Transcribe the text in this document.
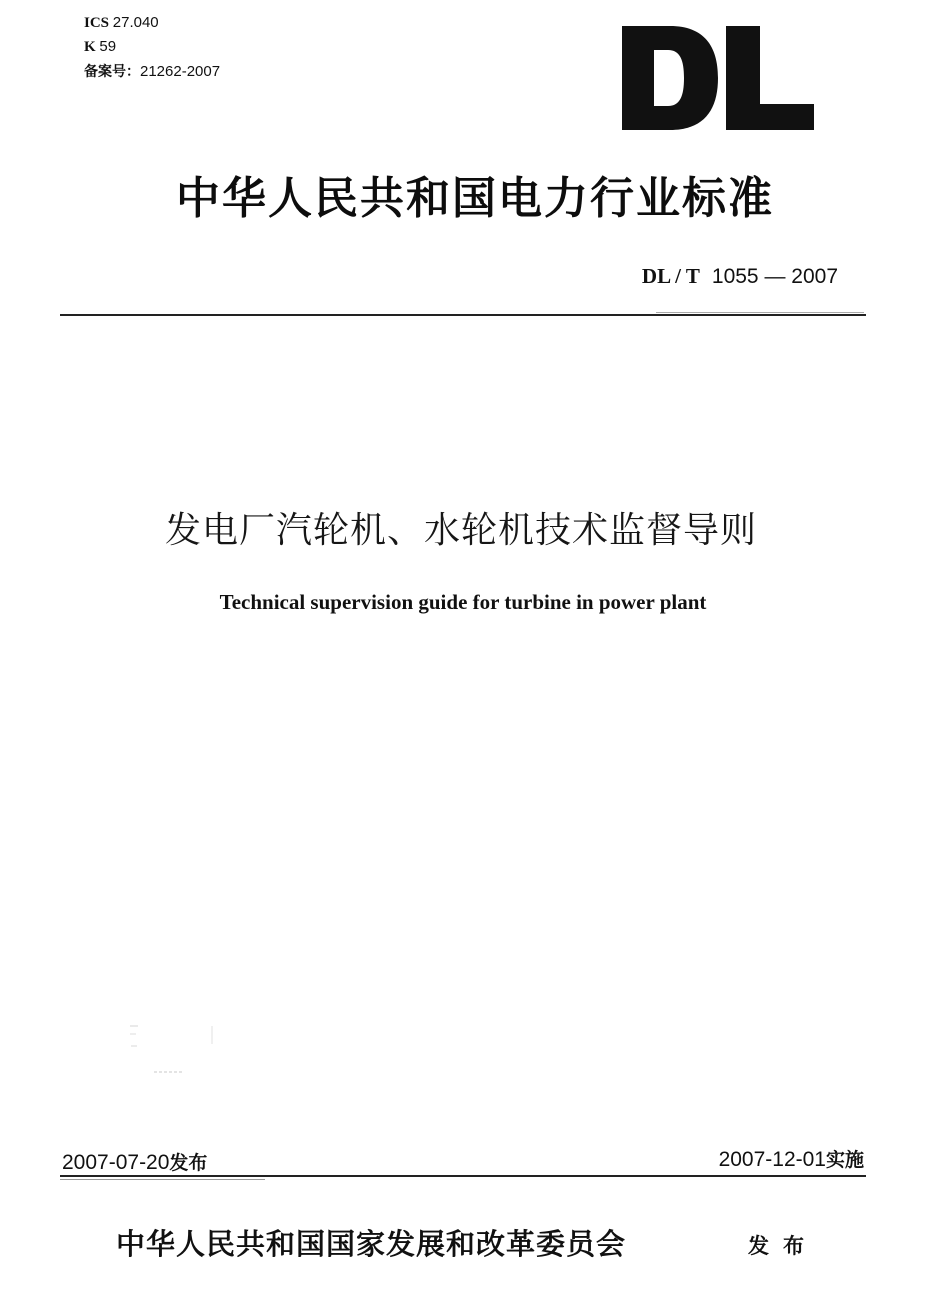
ICS 27.040
K 59
备案号：21262-2007
中华人民共和国电力行业标准
DL / T 1055 — 2007
发电厂汽轮机、水轮机技术监督导则
Technical supervision guide for turbine in power plant
2007-07-20发布	2007-12-01实施
中华人民共和国国家发展和改革委员会	发布
